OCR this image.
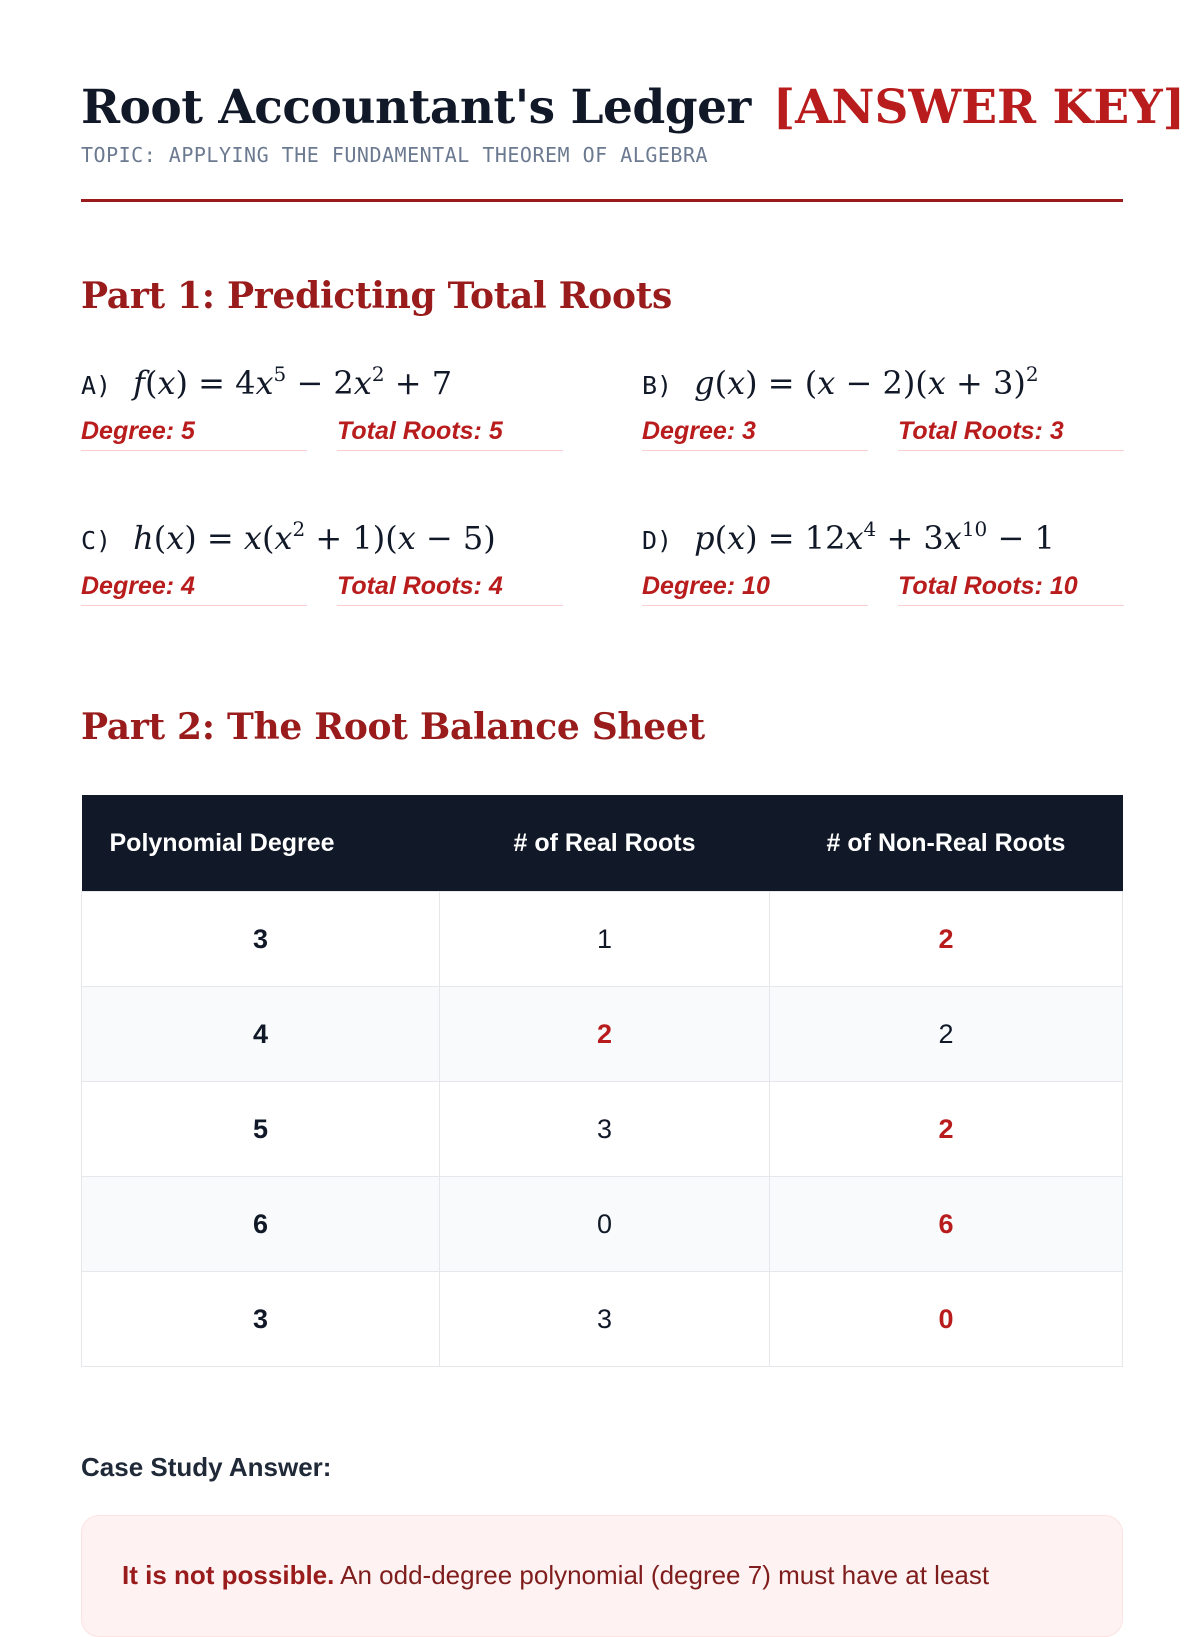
Root Accountant's Ledger [ANSWER KEY]
TOPIC: APPLYING THE FUNDAMENTAL THEOREM OF ALGEBRA
Part 1: Predicting Total Roots
A) $f(x) = 4x^5 - 2x^2 + 7$
Degree: 5	Total Roots: 5
B) $g(x) = (x - 2)(x + 3)^2$
Degree: 3	Total Roots: 3
C) $h(x) = x(x^2 + 1)(x - 5)$
Degree: 4	Total Roots: 4
D) $p(x) = 12x^4 + 3x^{10} - 1$
Degree: 10	Total Roots: 10
Part 2: The Root Balance Sheet
Polynomial Degree	# of Real Roots	# of Non-Real Roots
3	1	2
4	2	2
5	3	2
6	0	6
3	3	0
Case Study Answer:
It is not possible. An odd-degree polynomial (degree 7) must have at least
